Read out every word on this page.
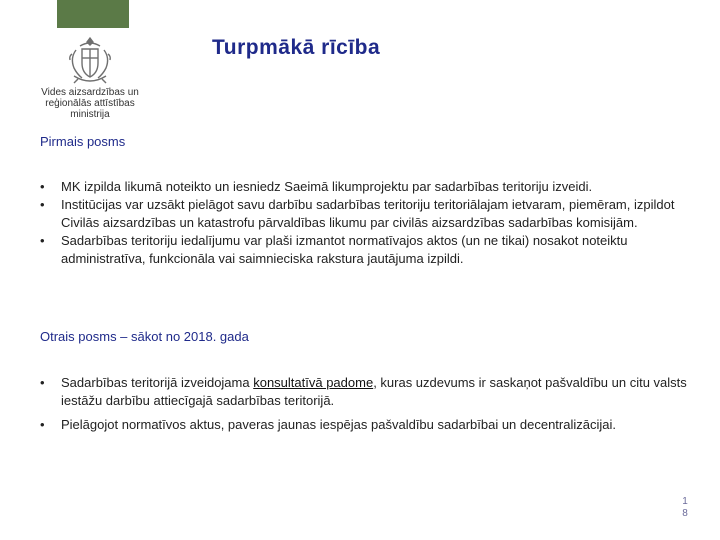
Vides aizsardzības un
reģionālās attīstības
ministrija
Turpmākā rīcība
Pirmais posms
• MK izpilda likumā noteikto un iesniedz Saeimā likumprojektu par sadarbības teritoriju izveidi.
• Institūcijas var uzsākt pielāgot savu darbību sadarbības teritoriju teritoriālajam ietvaram, piemēram, izpildot Civilās aizsardzības un katastrofu pārvaldības likumu par civilās aizsardzības sadarbības komisijām.
• Sadarbības teritoriju iedalījumu var plaši izmantot normatīvajos aktos (un ne tikai) nosakot noteiktu administratīva, funkcionāla vai saimnieciska rakstura jautājuma izpildi.
Otrais posms – sākot no 2018. gada
• Sadarbības teritorijā izveidojama konsultatīvā padome, kuras uzdevums ir saskaņot pašvaldību un citu valsts iestāžu darbību attiecīgajā sadarbības teritorijā.
• Pielāgojot normatīvos aktus, paveras jaunas iespējas pašvaldību sadarbībai un decentralizācijai.
1
8
